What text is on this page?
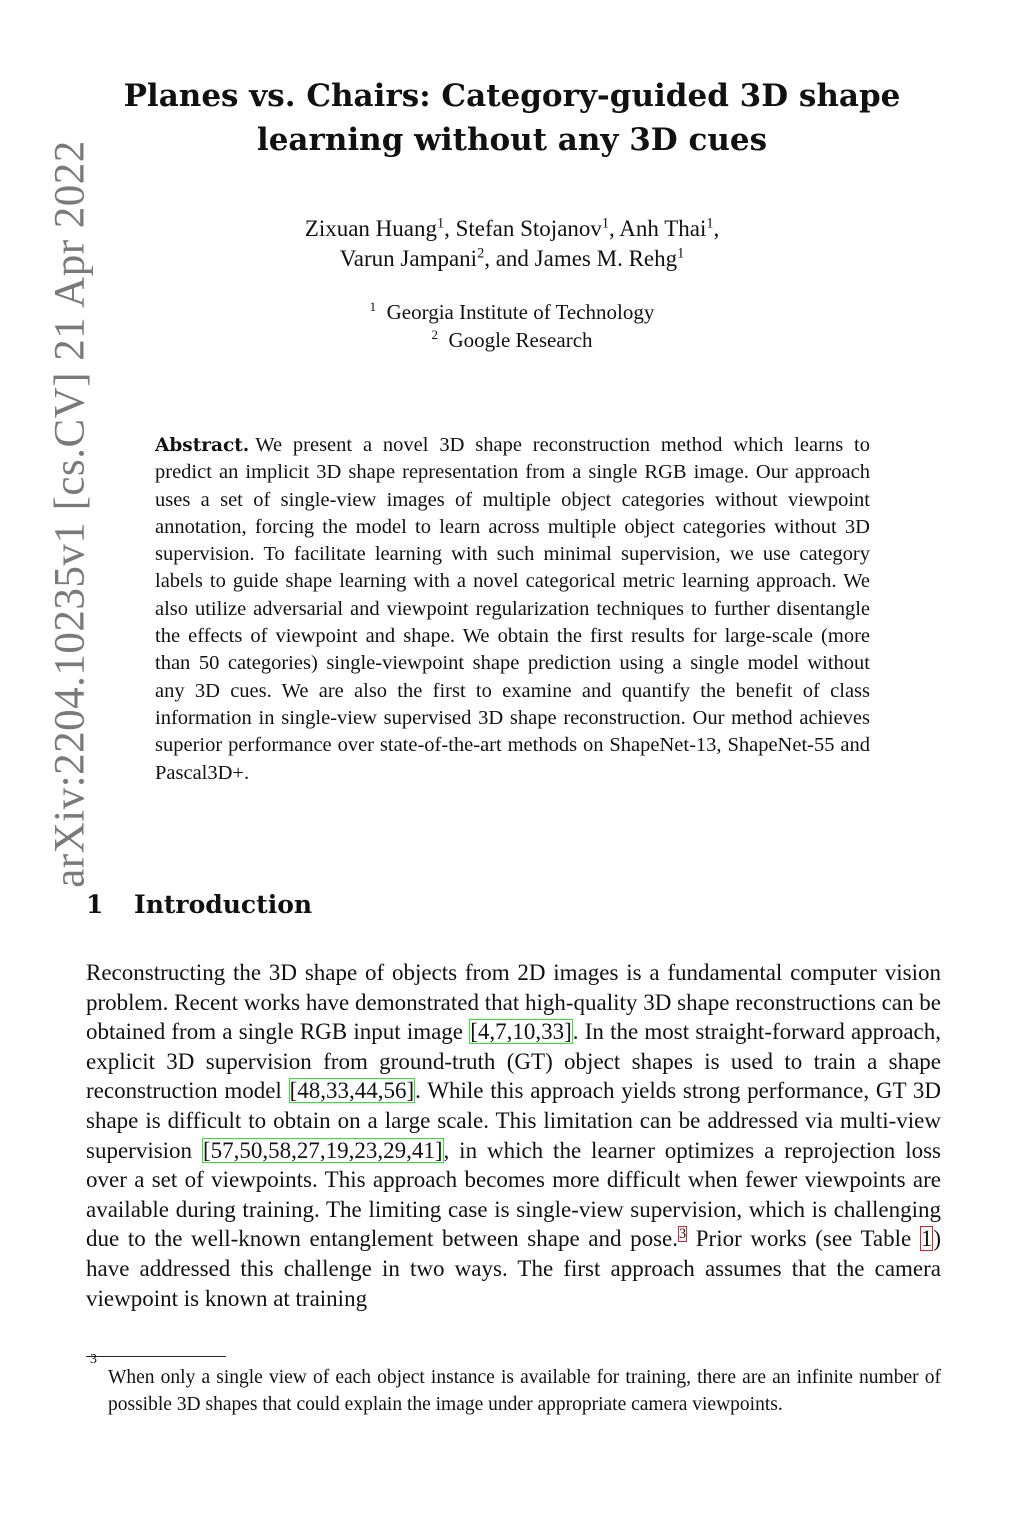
arXiv:2204.10235v1 [cs.CV] 21 Apr 2022
Planes vs. Chairs: Category-guided 3D shape
learning without any 3D cues
Zixuan Huang$^1$, Stefan Stojanov$^1$, Anh Thai$^1$,
Varun Jampani$^2$, and James M. Rehg$^1$
$^1$ Georgia Institute of Technology
$^2$ Google Research
Abstract. We present a novel 3D shape reconstruction method which learns to predict an implicit 3D shape representation from a single RGB image. Our approach uses a set of single-view images of multiple object categories without viewpoint annotation, forcing the model to learn across multiple object categories without 3D supervision. To facilitate learning with such minimal supervision, we use category labels to guide shape learning with a novel categorical metric learning approach. We also utilize adversarial and viewpoint regularization techniques to further disentangle the effects of viewpoint and shape. We obtain the first results for large-scale (more than 50 categories) single-viewpoint shape prediction using a single model without any 3D cues. We are also the first to examine and quantify the benefit of class information in single-view supervised 3D shape reconstruction. Our method achieves superior performance over state-of-the-art methods on ShapeNet-13, ShapeNet-55 and Pascal3D+.
1 Introduction
Reconstructing the 3D shape of objects from 2D images is a fundamental computer vision problem. Recent works have demonstrated that high-quality 3D shape reconstructions can be obtained from a single RGB input image [4,7,10,33]. In the most straight-forward approach, explicit 3D supervision from ground-truth (GT) object shapes is used to train a shape reconstruction model [48,33,44,56]. While this approach yields strong performance, GT 3D shape is difficult to obtain on a large scale. This limitation can be addressed via multi-view supervision [57,50,58,27,19,23,29,41], in which the learner optimizes a reprojection loss over a set of viewpoints. This approach becomes more difficult when fewer viewpoints are available during training. The limiting case is single-view supervision, which is challenging due to the well-known entanglement between shape and pose.$^3$ Prior works (see Table 1) have addressed this challenge in two ways. The first approach assumes that the camera viewpoint is known at training
3
When only a single view of each object instance is available for training, there are an infinite number of possible 3D shapes that could explain the image under appropriate camera viewpoints.
